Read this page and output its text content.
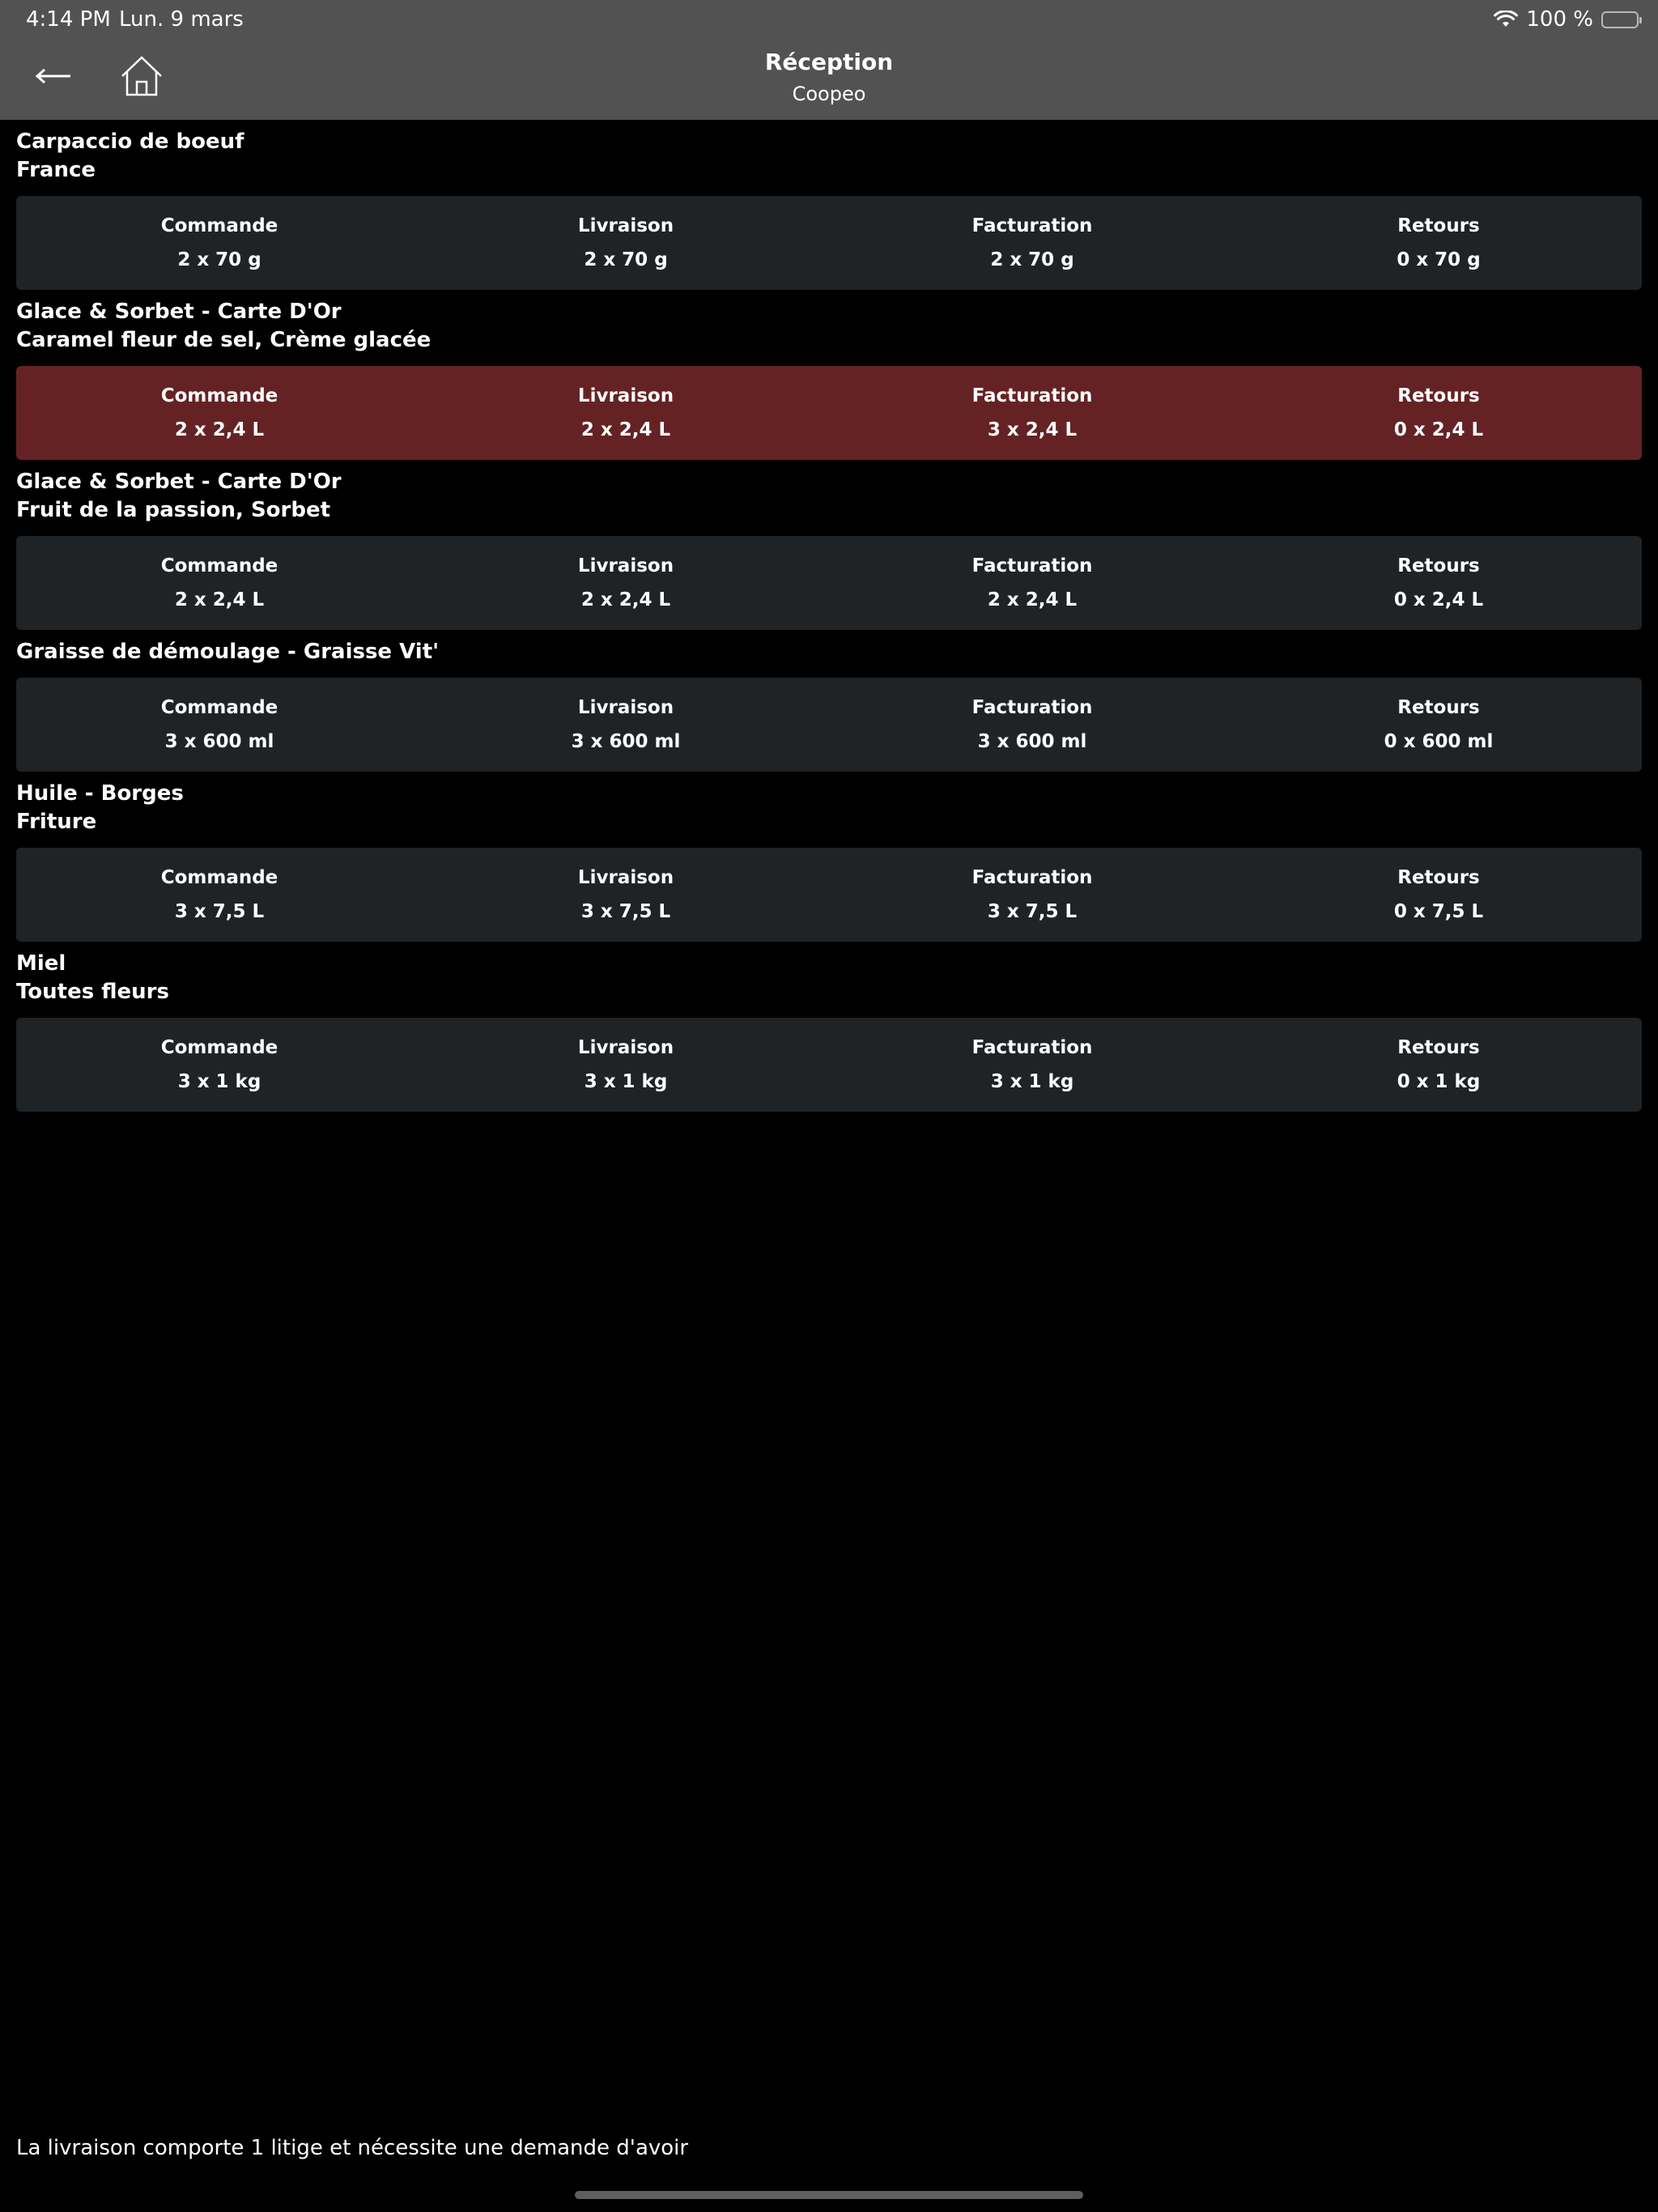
4:14 PM Lun. 9 mars	100 %
Réception
Coopeo
Carpaccio de boeuf
France
Commande
2 x 70 g
Livraison
2 x 70 g
Facturation
2 x 70 g
Retours
0 x 70 g
Glace & Sorbet - Carte D'Or
Caramel fleur de sel, Crème glacée
Commande
2 x 2,4 L
Livraison
2 x 2,4 L
Facturation
3 x 2,4 L
Retours
0 x 2,4 L
Glace & Sorbet - Carte D'Or
Fruit de la passion, Sorbet
Commande
2 x 2,4 L
Livraison
2 x 2,4 L
Facturation
2 x 2,4 L
Retours
0 x 2,4 L
Graisse de démoulage - Graisse Vit'
Commande
3 x 600 ml
Livraison
3 x 600 ml
Facturation
3 x 600 ml
Retours
0 x 600 ml
Huile - Borges
Friture
Commande
3 x 7,5 L
Livraison
3 x 7,5 L
Facturation
3 x 7,5 L
Retours
0 x 7,5 L
Miel
Toutes fleurs
Commande
3 x 1 kg
Livraison
3 x 1 kg
Facturation
3 x 1 kg
Retours
0 x 1 kg
La livraison comporte 1 litige et nécessite une demande d'avoir
